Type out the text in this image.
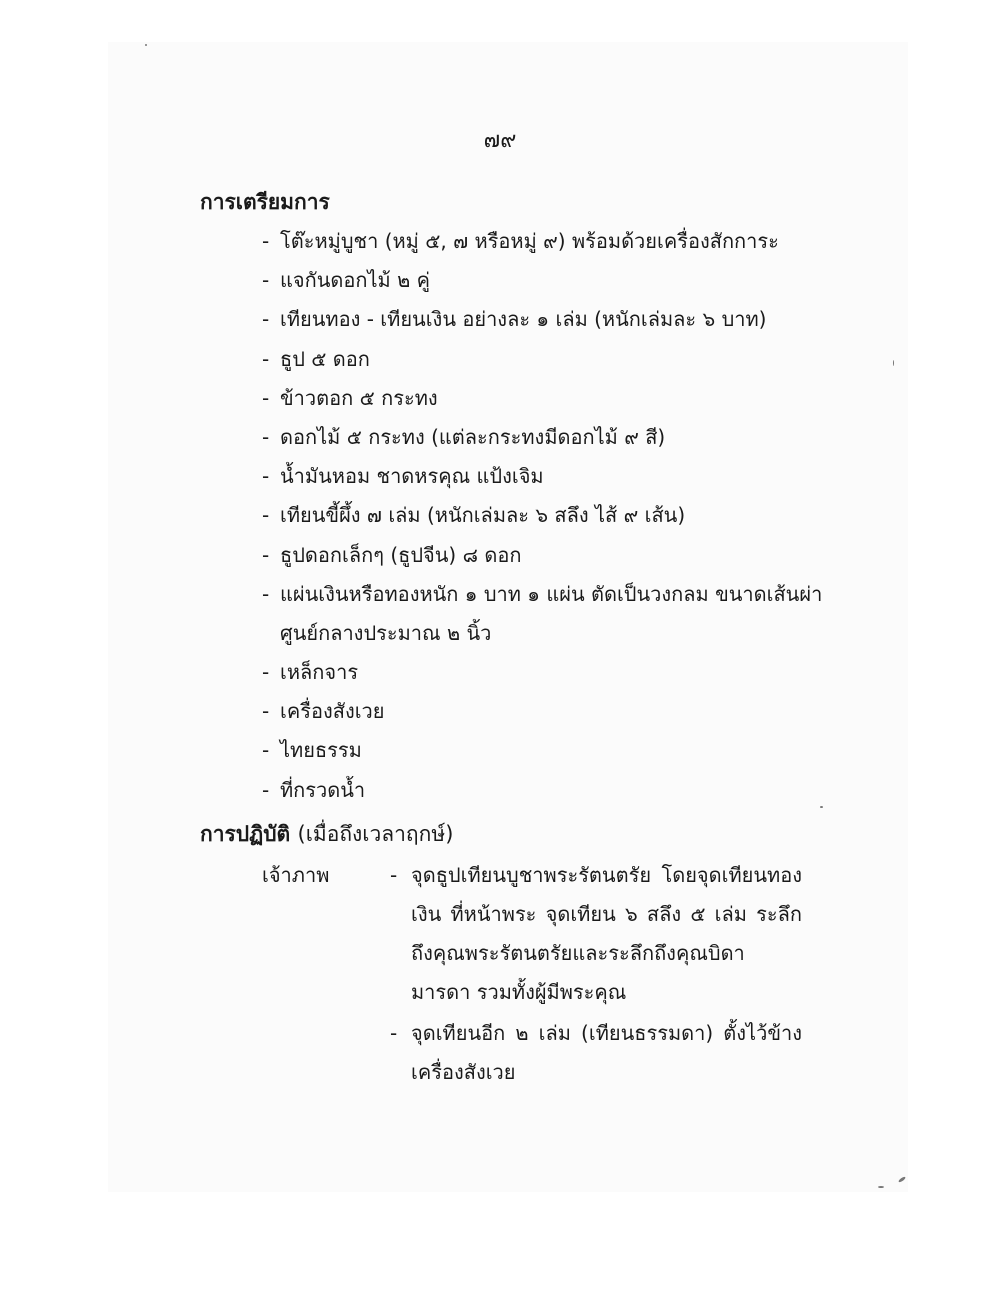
๗๙
การเตรียมการ
- โต๊ะหมู่บูชา (หมู่ ๕, ๗ หรือหมู่ ๙) พร้อมด้วยเครื่องสักการะ
- แจกันดอกไม้ ๒ คู่
- เทียนทอง - เทียนเงิน อย่างละ ๑ เล่ม (หนักเล่มละ ๖ บาท)
- ธูป ๕ ดอก
- ข้าวตอก ๕ กระทง
- ดอกไม้ ๕ กระทง (แต่ละกระทงมีดอกไม้ ๙ สี)
- น้ำมันหอม ชาดหรคุณ แป้งเจิม
- เทียนขี้ผึ้ง ๗ เล่ม (หนักเล่มละ ๖ สลึง ไส้ ๙ เส้น)
- ธูปดอกเล็กๆ (ธูปจีน) ๘ ดอก
- แผ่นเงินหรือทองหนัก ๑ บาท ๑ แผ่น ตัดเป็นวงกลม ขนาดเส้นผ่า
ศูนย์กลางประมาณ ๒ นิ้ว
- เหล็กจาร
- เครื่องสังเวย
- ไทยธรรม
- ที่กรวดน้ำ
การปฏิบัติ (เมื่อถึงเวลาฤกษ์)
เจ้าภาพ	- จุดธูปเทียนบูชาพระรัตนตรัย โดยจุดเทียนทอง เงิน ที่หน้าพระ จุดเทียน ๖ สลึง ๕ เล่ม ระลึกถึงคุณพระรัตนตรัยและระลึกถึงคุณบิดามารดา รวมทั้งผู้มีพระคุณ
- จุดเทียนอีก ๒ เล่ม (เทียนธรรมดา) ตั้งไว้ข้างเครื่องสังเวย
